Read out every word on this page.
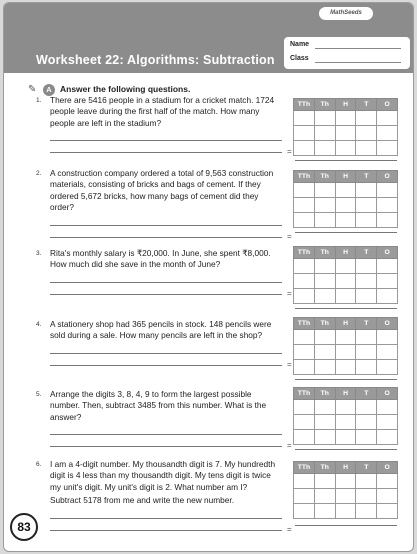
MathSeeds
Worksheet 22: Algorithms: Subtraction
Name
Class
✎	A Answer the following questions.
1. There are 5416 people in a stadium for a cricket match. 1724 people leave during the first half of the match. How many people are left in the stadium?
=
TTh	Th	H	T	O

2. A construction company ordered a total of 9,563 construction materials, consisting of bricks and bags of cement. If they ordered 5,672 bricks, how many bags of cement did they order?
=
TTh	Th	H	T	O

3. Rita's monthly salary is ₹20,000. In June, she spent ₹8,000. How much did she save in the month of June?
=
TTh	Th	H	T	O

4. A stationery shop had 365 pencils in stock. 148 pencils were sold during a sale. How many pencils are left in the shop?
=
TTh	Th	H	T	O

5. Arrange the digits 3, 8, 4, 9 to form the largest possible number. Then, subtract 3485 from this number. What is the answer?
=
TTh	Th	H	T	O

6. I am a 4-digit number. My thousandth digit is 7. My hundredth digit is 4 less than my thousandth digit. My tens digit is twice my unit's digit. My unit's digit is 2. What number am I?
Subtract 5178 from me and write the new number.
=
TTh	Th	H	T	O

83
